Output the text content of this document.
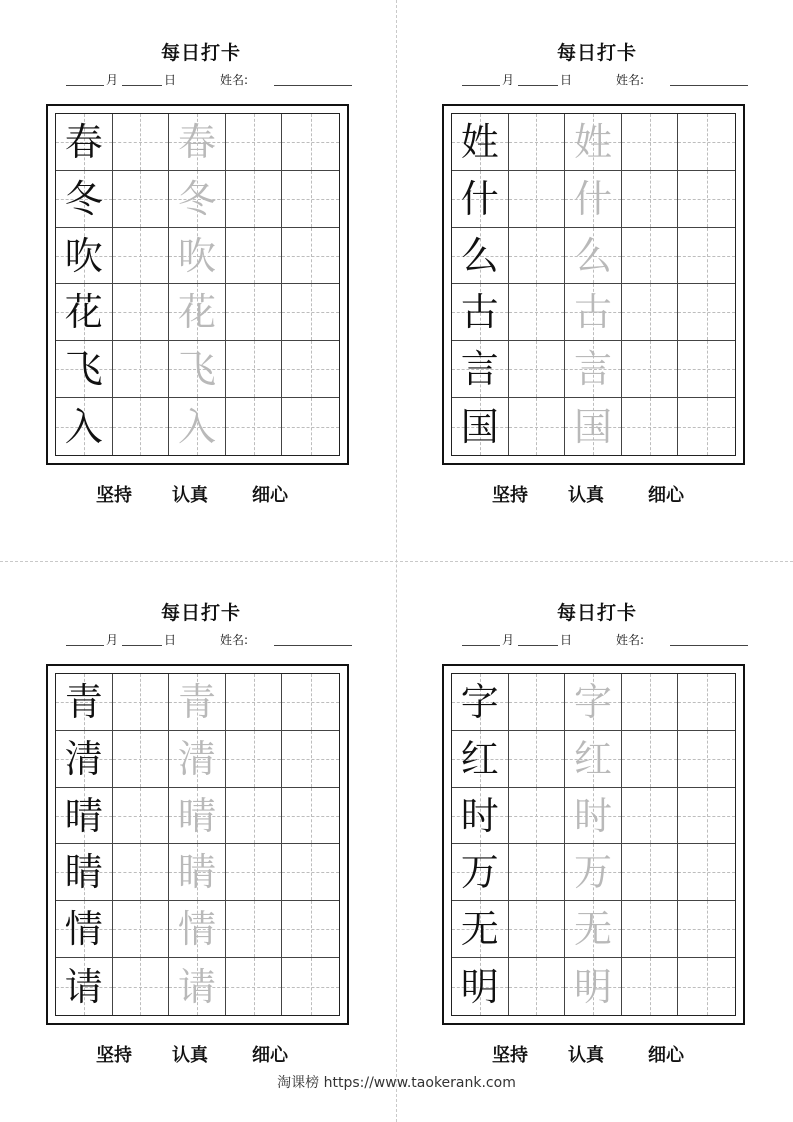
每日打卡
月	日	姓名:
春 春
冬 冬
吹 吹
花 花
飞 飞
入 入
坚持 认真 细心
每日打卡
月	日	姓名:
姓 姓
什 什
么 么
古 古
言 言
国 国
坚持 认真 细心
每日打卡
月	日	姓名:
青 青
清 清
晴 晴
睛 睛
情 情
请 请
坚持 认真 细心
每日打卡
月	日	姓名:
字 字
红 红
时 时
万 万
无 无
明 明
坚持 认真 细心
淘课榜 https://www.taokerank.com
